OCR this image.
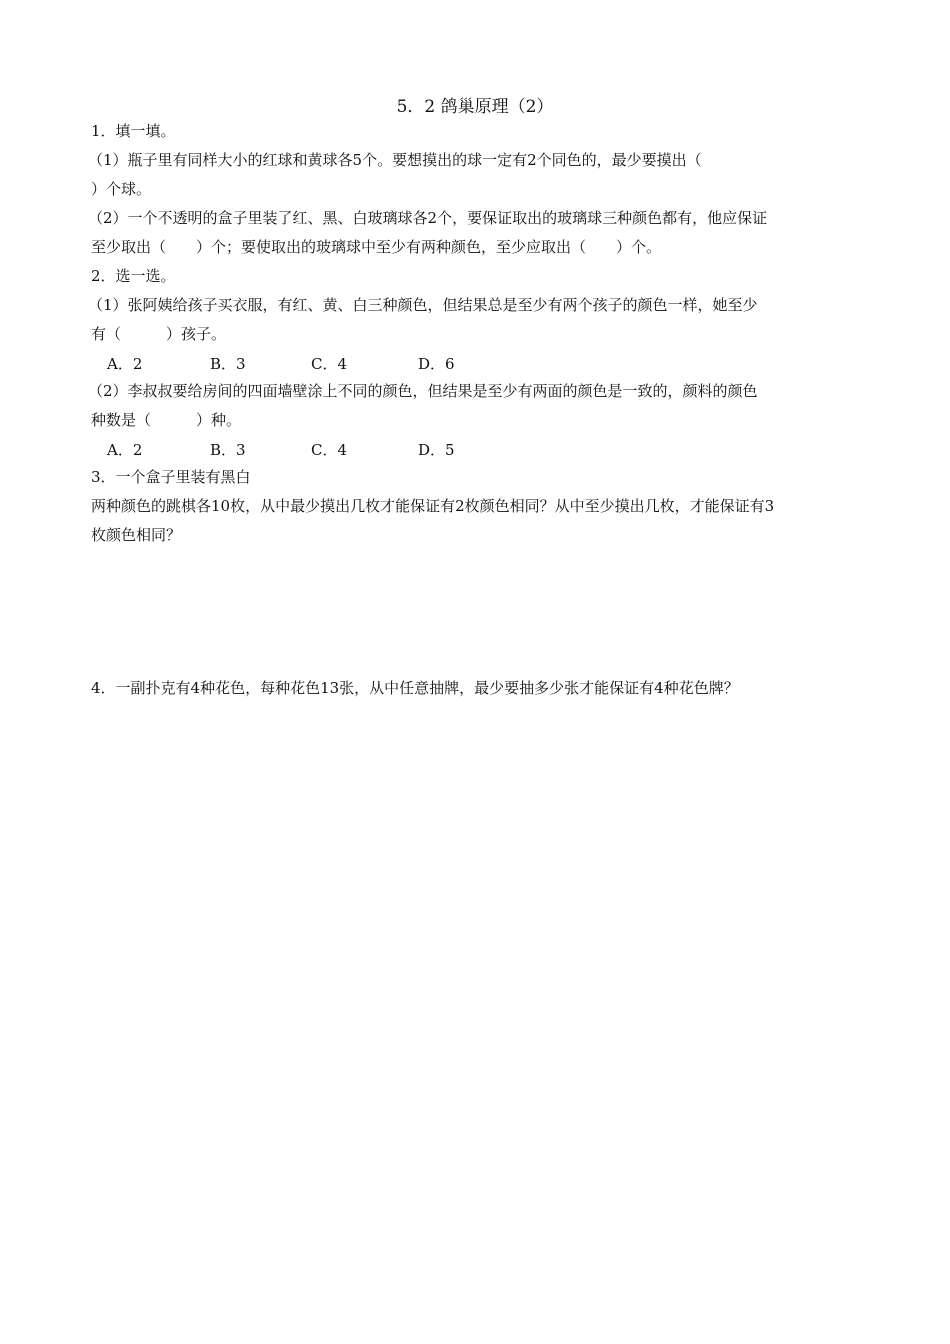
5．2 鸽巢原理（2）
1．填一填。
（1）瓶子里有同样大小的红球和黄球各5个。要想摸出的球一定有2个同色的，最少要摸出（
）个球。
（2）一个不透明的盒子里装了红、黑、白玻璃球各2个，要保证取出的玻璃球三种颜色都有，他应保证
至少取出（　　）个；要使取出的玻璃球中至少有两种颜色，至少应取出（　　）个。
2．选一选。
（1）张阿姨给孩子买衣服，有红、黄、白三种颜色，但结果总是至少有两个孩子的颜色一样，她至少
有（　　　）孩子。
A．2	B．3	C．4	D．6
（2）李叔叔要给房间的四面墙壁涂上不同的颜色，但结果是至少有两面的颜色是一致的，颜料的颜色
种数是（　　　）种。
A．2	B．3	C．4	D．5
3．一个盒子里装有黑白
两种颜色的跳棋各10枚，从中最少摸出几枚才能保证有2枚颜色相同？从中至少摸出几枚，才能保证有3
枚颜色相同？
4．一副扑克有4种花色，每种花色13张，从中任意抽牌，最少要抽多少张才能保证有4种花色牌？
